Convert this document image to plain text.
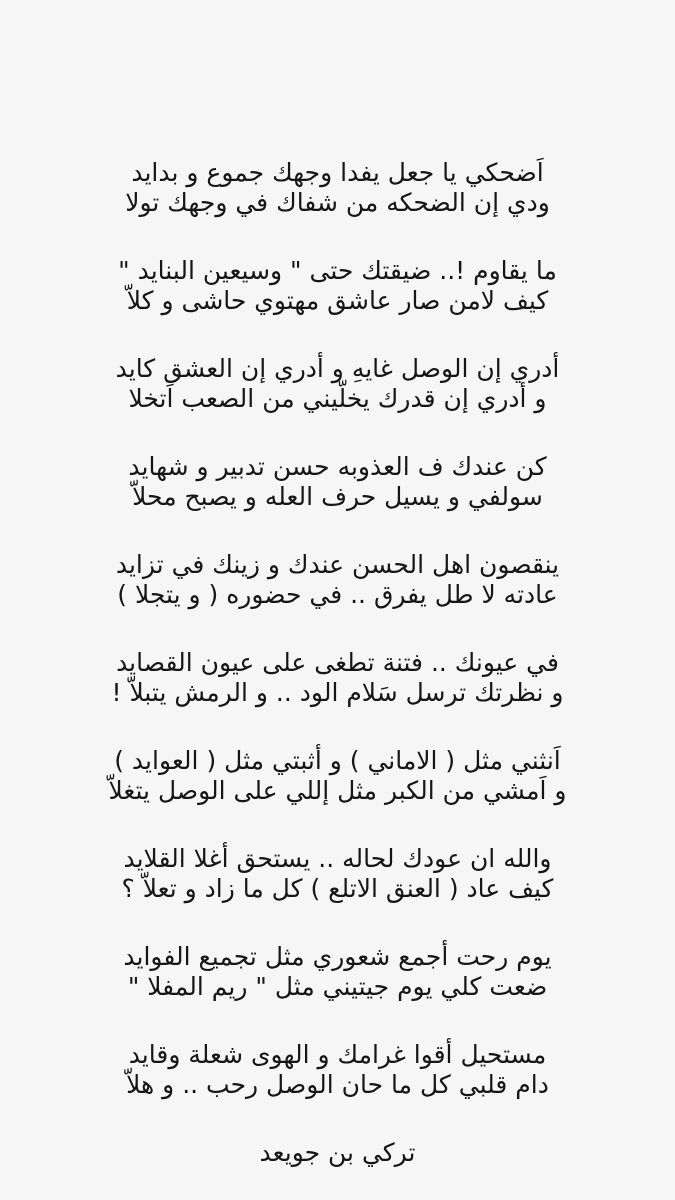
اَضحكي يا جعل يفدا وجهك جموع و بدايد
ودي إن الضحكه من شفاك في وجهك تولا
ما يقاوم !.. ضيقتك حتى " وسيعين البنايد "
كيف لامن صار عاشق مهتوي حاشى و كلاّ
أدري إن الوصل غايهِ و أدري إن العشق كايد
و أدري إن قدرك يخلّيني من الصعب اَتخلا
كن عندك ف العذوبه حسن تدبير و شهايد
سولفي و يسيل حرف العله و يصبح محلاّ
ينقصون اهل الحسن عندك و زينك في تزايد
عادته لا طل يفرق .. في حضوره ( و يتجلا )
في عيونك .. فتنة تطغى على عيون القصايد
و نظرتك ترسل سَلام الود .. و الرمش يتبلاّ !
اَنثني مثل ( الاماني ) و أثبتي مثل ( العوايد )
و اَمشي من الكبر مثل إللي على الوصل يتغلاّ
والله ان عودك لحاله .. يستحق أغلا القلايد
كيف عاد ( العنق الاتلع ) كل ما زاد و تعلاّ ؟
يوم رحت أجمع شعوري مثل تجميع الفوايد
ضعت كلي يوم جيتيني مثل " ريم المفلا "
مستحيل أقوا غرامك و الهوى شعلة وقايد
دام قلبي كل ما حان الوصل رحب .. و هلاّ
تركي بن جويعد
